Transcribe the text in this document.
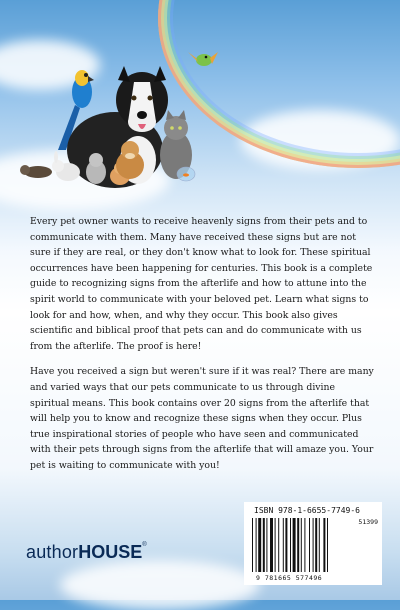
Every pet owner wants to receive heavenly signs from their pets and to communicate with them. Many have received these signs but are not sure if they are real, or they don't know what to look for. These spiritual occurrences have been happening for centuries. This book is a complete guide to recognizing signs from the afterlife and how to attune into the spirit world to communicate with your beloved pet. Learn what signs to look for and how, when, and why they occur. This book also gives scientific and biblical proof that pets can and do communicate with us from the afterlife. The proof is here!

Have you received a sign but weren't sure if it was real? There are many and varied ways that our pets communicate to us through divine spiritual means. This book contains over 20 signs from the afterlife that will help you to know and recognize these signs when they occur. Plus true inspirational stories of people who have seen and communicated with their pets through signs from the afterlife that will amaze you. Your pet is waiting to communicate with you!

ISBN 978-1-6655-7749-6
51399
9 781665 577496
authorHOUSE®
